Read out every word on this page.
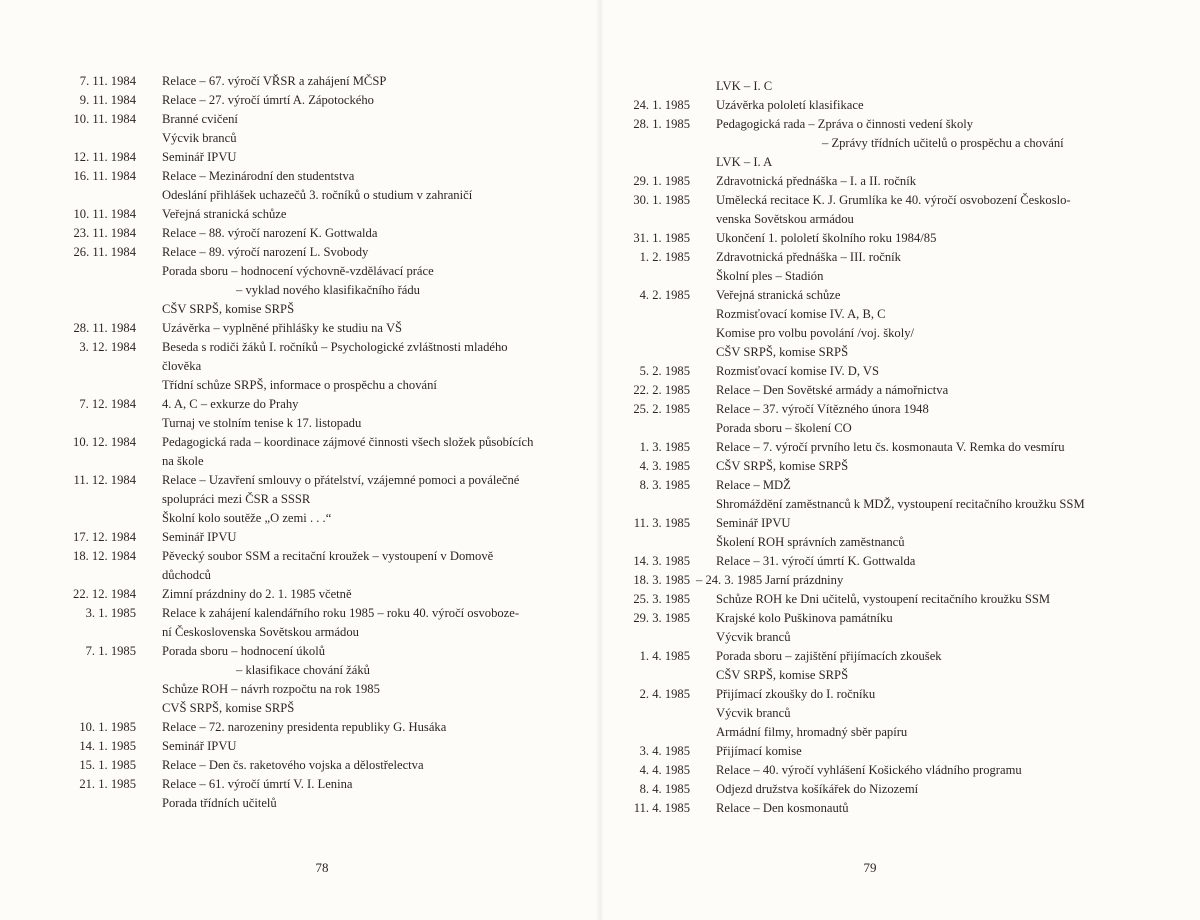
7. 11. 1984 Relace – 67. výročí VŘSR a zahájení MČSP
9. 11. 1984 Relace – 27. výročí úmrtí A. Zápotockého
10. 11. 1984 Branné cvičení
Výcvik branců
12. 11. 1984 Seminář IPVU
16. 11. 1984 Relace – Mezinárodní den studentstva
Odeslání přihlášek uchazečů 3. ročníků o studium v zahraničí
10. 11. 1984 Veřejná stranická schůze
23. 11. 1984 Relace – 88. výročí narození K. Gottwalda
26. 11. 1984 Relace – 89. výročí narození L. Svobody
Porada sboru – hodnocení výchovně-vzdělávací práce
– vyklad nového klasifikačního řádu
CŠV SRPŠ, komise SRPŠ
28. 11. 1984 Uzávěrka – vyplněné přihlášky ke studiu na VŠ
3. 12. 1984 Beseda s rodiči žáků I. ročníků – Psychologické zvláštnosti mladého
člověka
Třídní schůze SRPŠ, informace o prospěchu a chování
7. 12. 1984 4. A, C – exkurze do Prahy
Turnaj ve stolním tenise k 17. listopadu
10. 12. 1984 Pedagogická rada – koordinace zájmové činnosti všech složek působících
na škole
11. 12. 1984 Relace – Uzavření smlouvy o přátelství, vzájemné pomoci a poválečné
spolupráci mezi ČSR a SSSR
Školní kolo soutěže „O zemi . . .“
17. 12. 1984 Seminář IPVU
18. 12. 1984 Pěvecký soubor SSM a recitační kroužek – vystoupení v Domově
důchodců
22. 12. 1984 Zimní prázdniny do 2. 1. 1985 včetně
3. 1. 1985 Relace k zahájení kalendářního roku 1985 – roku 40. výročí osvoboze-
ní Československa Sovětskou armádou
7. 1. 1985 Porada sboru – hodnocení úkolů
– klasifikace chování žáků
Schůze ROH – návrh rozpočtu na rok 1985
CVŠ SRPŠ, komise SRPŠ
10. 1. 1985 Relace – 72. narozeniny presidenta republiky G. Husáka
14. 1. 1985 Seminář IPVU
15. 1. 1985 Relace – Den čs. raketového vojska a dělostřelectva
21. 1. 1985 Relace – 61. výročí úmrtí V. I. Lenina
Porada třídních učitelů
78
LVK – I. C
24. 1. 1985 Uzávěrka pololetí klasifikace
28. 1. 1985 Pedagogická rada – Zpráva o činnosti vedení školy
– Zprávy třídních učitelů o prospěchu a chování
LVK – I. A
29. 1. 1985 Zdravotnická přednáška – I. a II. ročník
30. 1. 1985 Umělecká recitace K. J. Grumlíka ke 40. výročí osvobození Českoslo-
venska Sovětskou armádou
31. 1. 1985 Ukončení 1. pololetí školního roku 1984/85
1. 2. 1985 Zdravotnická přednáška – III. ročník
Školní ples – Stadión
4. 2. 1985 Veřejná stranická schůze
Rozmisťovací komise IV. A, B, C
Komise pro volbu povolání /voj. školy/
CŠV SRPŠ, komise SRPŠ
5. 2. 1985 Rozmisťovací komise IV. D, VS
22. 2. 1985 Relace – Den Sovětské armády a námořnictva
25. 2. 1985 Relace – 37. výročí Vítězného února 1948
Porada sboru – školení CO
1. 3. 1985 Relace – 7. výročí prvního letu čs. kosmonauta V. Remka do vesmíru
4. 3. 1985 CŠV SRPŠ, komise SRPŠ
8. 3. 1985 Relace – MDŽ
Shromáždění zaměstnanců k MDŽ, vystoupení recitačního kroužku SSM
11. 3. 1985 Seminář IPVU
Školení ROH správních zaměstnanců
14. 3. 1985 Relace – 31. výročí úmrtí K. Gottwalda
18. 3. 1985 – 24. 3. 1985 Jarní prázdniny
25. 3. 1985 Schůze ROH ke Dni učitelů, vystoupení recitačního kroužku SSM
29. 3. 1985 Krajské kolo Puškinova památníku
Výcvik branců
1. 4. 1985 Porada sboru – zajištění přijímacích zkoušek
CŠV SRPŠ, komise SRPŠ
2. 4. 1985 Přijímací zkoušky do I. ročníku
Výcvik branců
Armádní filmy, hromadný sběr papíru
3. 4. 1985 Přijímací komise
4. 4. 1985 Relace – 40. výročí vyhlášení Košického vládního programu
8. 4. 1985 Odjezd družstva košíkářek do Nizozemí
11. 4. 1985 Relace – Den kosmonautů
79
